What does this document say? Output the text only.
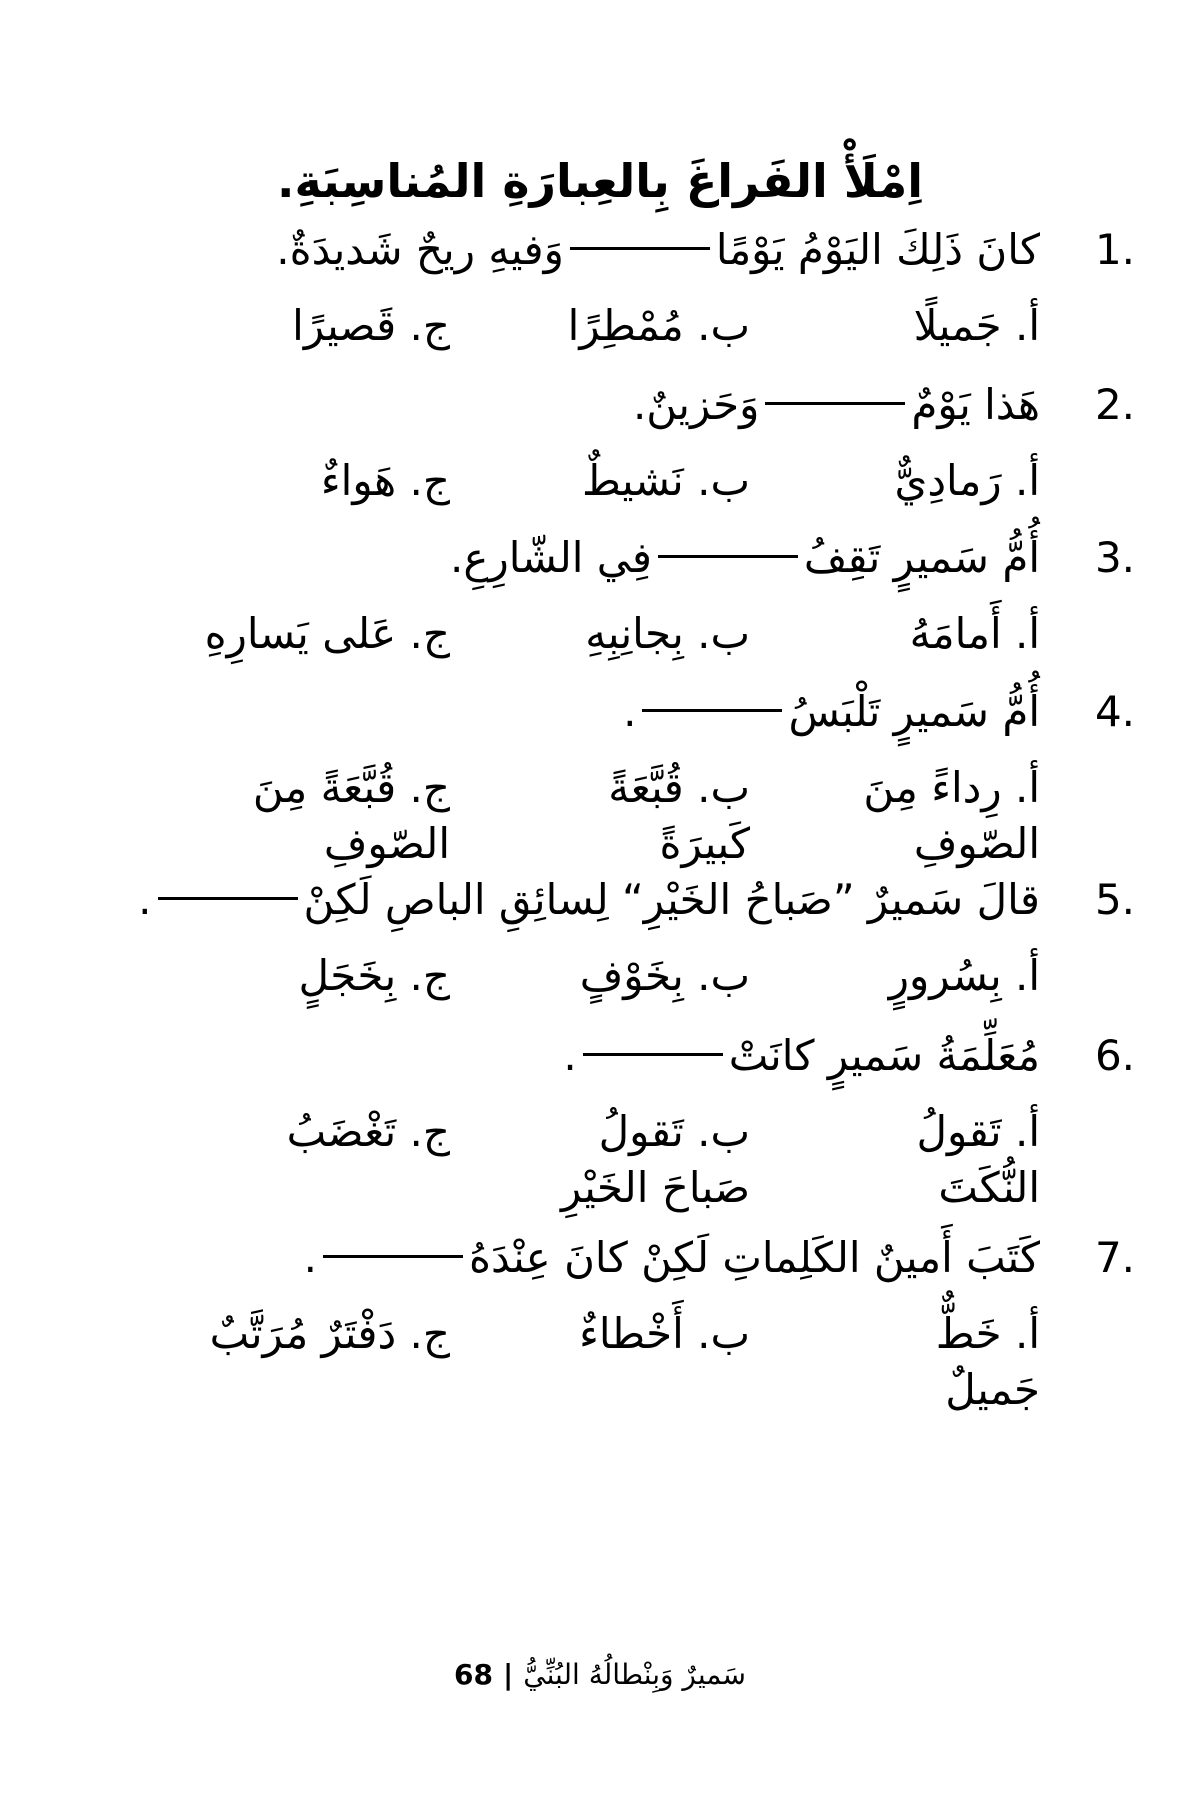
اِمْلَأْ الفَراغَ بِالعِبارَةِ المُناسِبَةِ.
1.
كانَ ذَلِكَ اليَوْمُ يَوْمًاوَفيهِ ريحٌ شَديدَةٌ.
أ. جَميلًا
ب. مُمْطِرًا
ج. قَصيرًا
2.
هَذا يَوْمٌوَحَزينٌ.
أ. رَمادِيٌّ
ب. نَشيطٌ
ج. هَواءٌ
3.
أُمُّ سَميرٍ تَقِفُفِي الشّارِعِ.
أ. أَمامَهُ
ب. بِجانِبِهِ
ج. عَلى يَسارِهِ
4.
أُمُّ سَميرٍ تَلْبَسُ.
أ. رِداءً مِنَ الصّوفِ
ب. قُبَّعَةً كَبيرَةً
ج. قُبَّعَةً مِنَ الصّوفِ
5.
قالَ سَميرٌ ”صَباحُ الخَيْرِ“ لِسائِقِ الباصِ لَكِنْ.
أ. بِسُرورٍ
ب. بِخَوْفٍ
ج. بِخَجَلٍ
6.
مُعَلِّمَةُ سَميرٍ كانَتْ.
أ. تَقولُ النُّكَتَ
ب. تَقولُ صَباحَ الخَيْرِ
ج. تَغْضَبُ
7.
كَتَبَ أَمينٌ الكَلِماتِ لَكِنْ كانَ عِنْدَهُ.
أ. خَطٌّ جَميلٌ
ب. أَخْطاءٌ
ج. دَفْتَرٌ مُرَتَّبٌ
68 | سَميرٌ وَبِنْطالُهُ البُنِّيُّ
